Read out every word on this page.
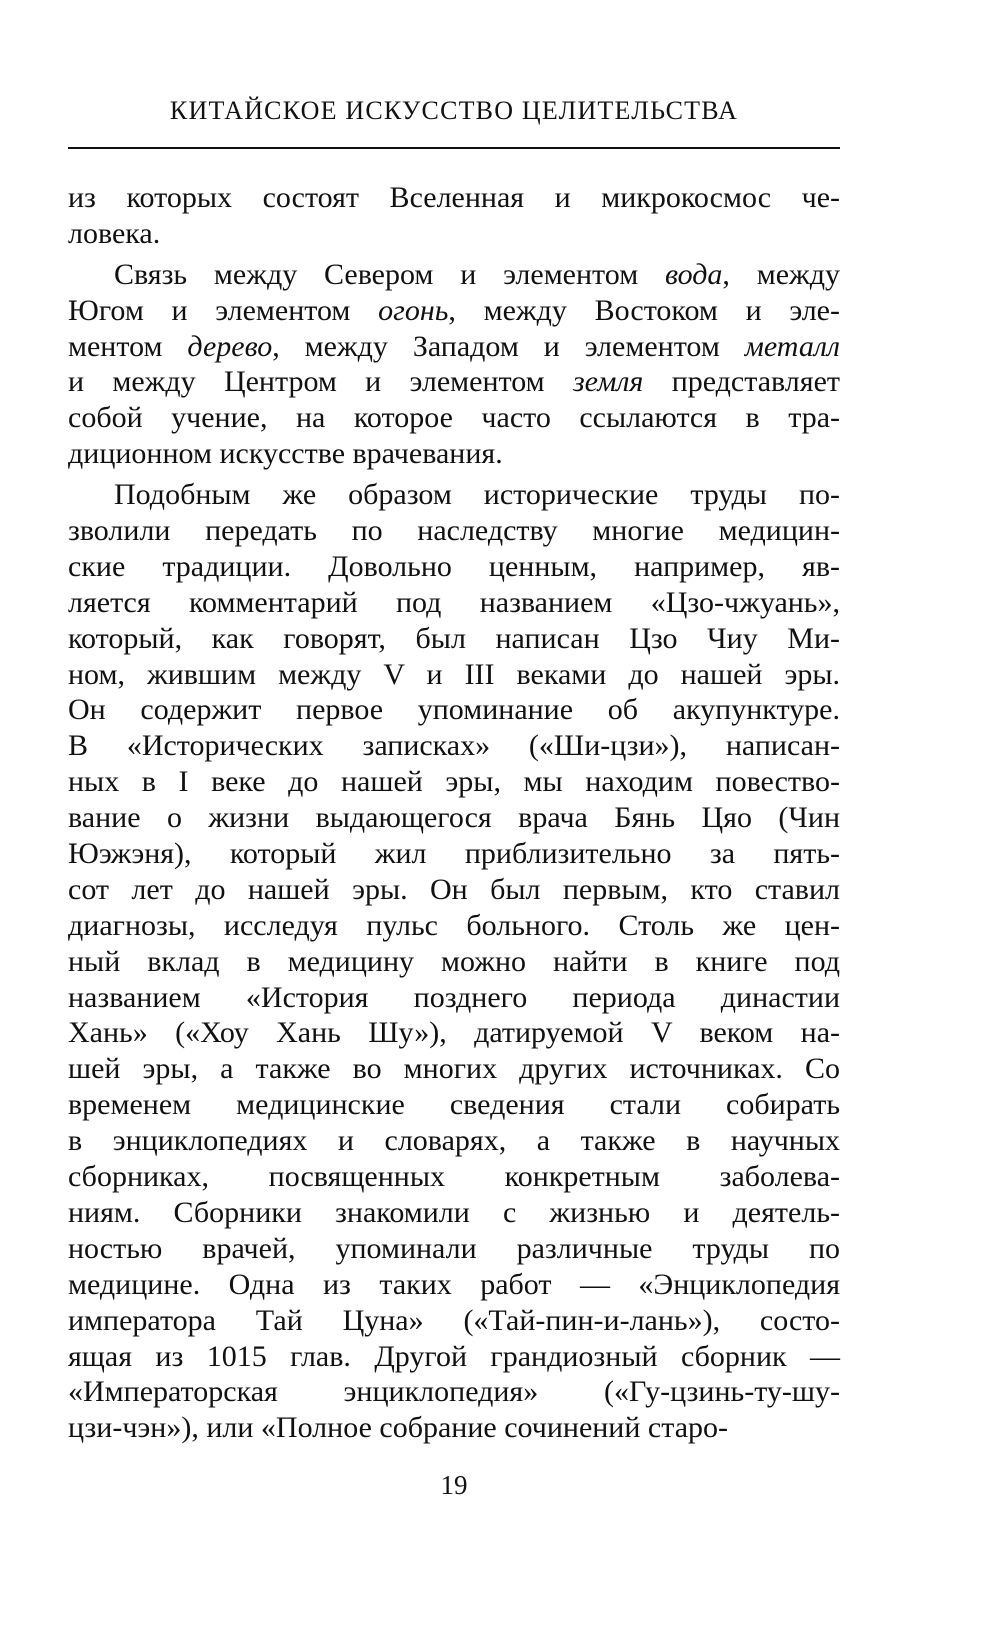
КИТАЙСКОЕ ИСКУССТВО ЦЕЛИТЕЛЬСТВА
из которых состоят Вселенная и микрокосмос че-
ловека.
Связь между Севером и элементом вода, между
Югом и элементом огонь, между Востоком и эле-
ментом дерево, между Западом и элементом металл
и между Центром и элементом земля представляет
собой учение, на которое часто ссылаются в тра-
диционном искусстве врачевания.
Подобным же образом исторические труды по-
зволили передать по наследству многие медицин-
ские традиции. Довольно ценным, например, яв-
ляется комментарий под названием «Цзо-чжуань»,
который, как говорят, был написан Цзо Чиу Ми-
ном, жившим между V и III веками до нашей эры.
Он содержит первое упоминание об акупунктуре.
В «Исторических записках» («Ши-цзи»), написан-
ных в I веке до нашей эры, мы находим повество-
вание о жизни выдающегося врача Бянь Цяо (Чин
Юэжэня), который жил приблизительно за пять-
сот лет до нашей эры. Он был первым, кто ставил
диагнозы, исследуя пульс больного. Столь же цен-
ный вклад в медицину можно найти в книге под
названием «История позднего периода династии
Хань» («Хоу Хань Шу»), датируемой V веком на-
шей эры, а также во многих других источниках. Со
временем медицинские сведения стали собирать
в энциклопедиях и словарях, а также в научных
сборниках, посвященных конкретным заболева-
ниям. Сборники знакомили с жизнью и деятель-
ностью врачей, упоминали различные труды по
медицине. Одна из таких работ — «Энциклопедия
императора Тай Цуна» («Тай-пин-и-лань»), состо-
ящая из 1015 глав. Другой грандиозный сборник —
«Императорская энциклопедия» («Гу-цзинь-ту-шу-
цзи-чэн»), или «Полное собрание сочинений старо-
19
